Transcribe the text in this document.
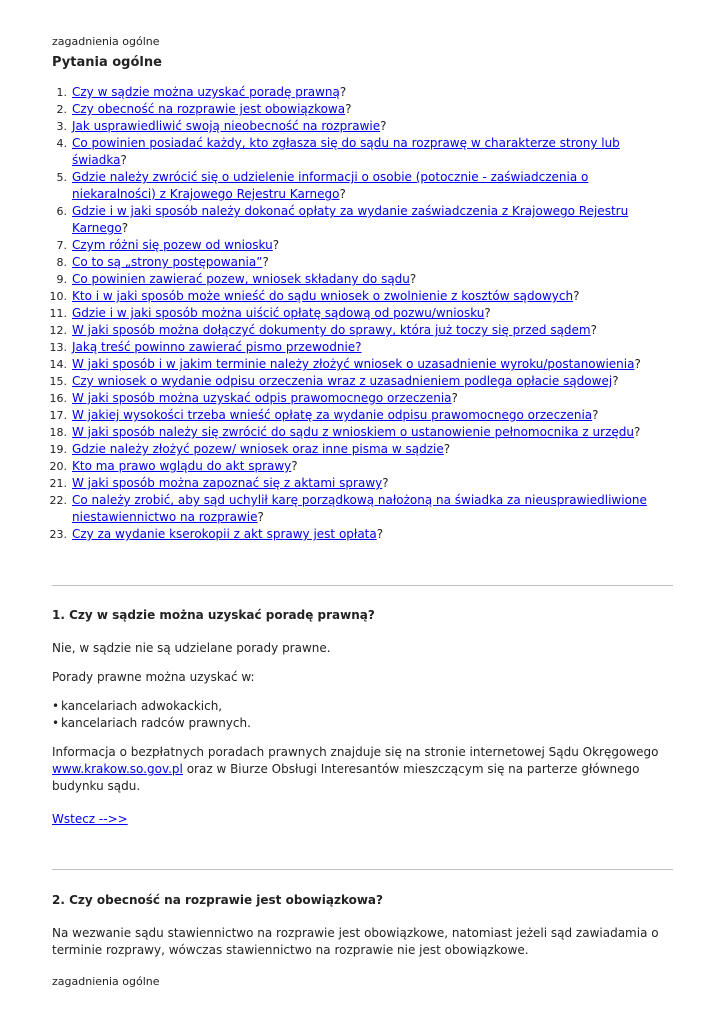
zagadnienia ogólne
Pytania ogólne
1. Czy w sądzie można uzyskać poradę prawną?
2. Czy obecność na rozprawie jest obowiązkowa?
3. Jak usprawiedliwić swoją nieobecność na rozprawie?
4. Co powinien posiadać każdy, kto zgłasza się do sądu na rozprawę w charakterze strony lub świadka?
5. Gdzie należy zwrócić się o udzielenie informacji o osobie (potocznie - zaświadczenia o niekaralności) z Krajowego Rejestru Karnego?
6. Gdzie i w jaki sposób należy dokonać opłaty za wydanie zaświadczenia z Krajowego Rejestru Karnego?
7. Czym różni się pozew od wniosku?
8. Co to są „strony postępowania”?
9. Co powinien zawierać pozew, wniosek składany do sądu?
10. Kto i w jaki sposób może wnieść do sądu wniosek o zwolnienie z kosztów sądowych?
11. Gdzie i w jaki sposób można uiścić opłatę sądową od pozwu/wniosku?
12. W jaki sposób można dołączyć dokumenty do sprawy, która już toczy się przed sądem?
13. Jaką treść powinno zawierać pismo przewodnie?
14. W jaki sposób i w jakim terminie należy złożyć wniosek o uzasadnienie wyroku/postanowienia?
15. Czy wniosek o wydanie odpisu orzeczenia wraz z uzasadnieniem podlega opłacie sądowej?
16. W jaki sposób można uzyskać odpis prawomocnego orzeczenia?
17. W jakiej wysokości trzeba wnieść opłatę za wydanie odpisu prawomocnego orzeczenia?
18. W jaki sposób należy się zwrócić do sądu z wnioskiem o ustanowienie pełnomocnika z urzędu?
19. Gdzie należy złożyć pozew/ wniosek oraz inne pisma w sądzie?
20. Kto ma prawo wglądu do akt sprawy?
21. W jaki sposób można zapoznać się z aktami sprawy?
22. Co należy zrobić, aby sąd uchylił karę porządkową nałożoną na świadka za nieusprawiedliwione niestawiennictwo na rozprawie?
23. Czy za wydanie kserokopii z akt sprawy jest opłata?
1. Czy w sądzie można uzyskać poradę prawną?

Nie, w sądzie nie są udzielane porady prawne.

Porady prawne można uzyskać w:

• kancelariach adwokackich,
• kancelariach radców prawnych.

Informacja o bezpłatnych poradach prawnych znajduje się na stronie internetowej Sądu Okręgowego www.krakow.so.gov.pl oraz w Biurze Obsługi Interesantów mieszczącym się na parterze głównego budynku sądu.

Wstecz -->>

2. Czy obecność na rozprawie jest obowiązkowa?

Na wezwanie sądu stawiennictwo na rozprawie jest obowiązkowe, natomiast jeżeli sąd zawiadamia o terminie rozprawy, wówczas stawiennictwo na rozprawie nie jest obowiązkowe.

zagadnienia ogólne
